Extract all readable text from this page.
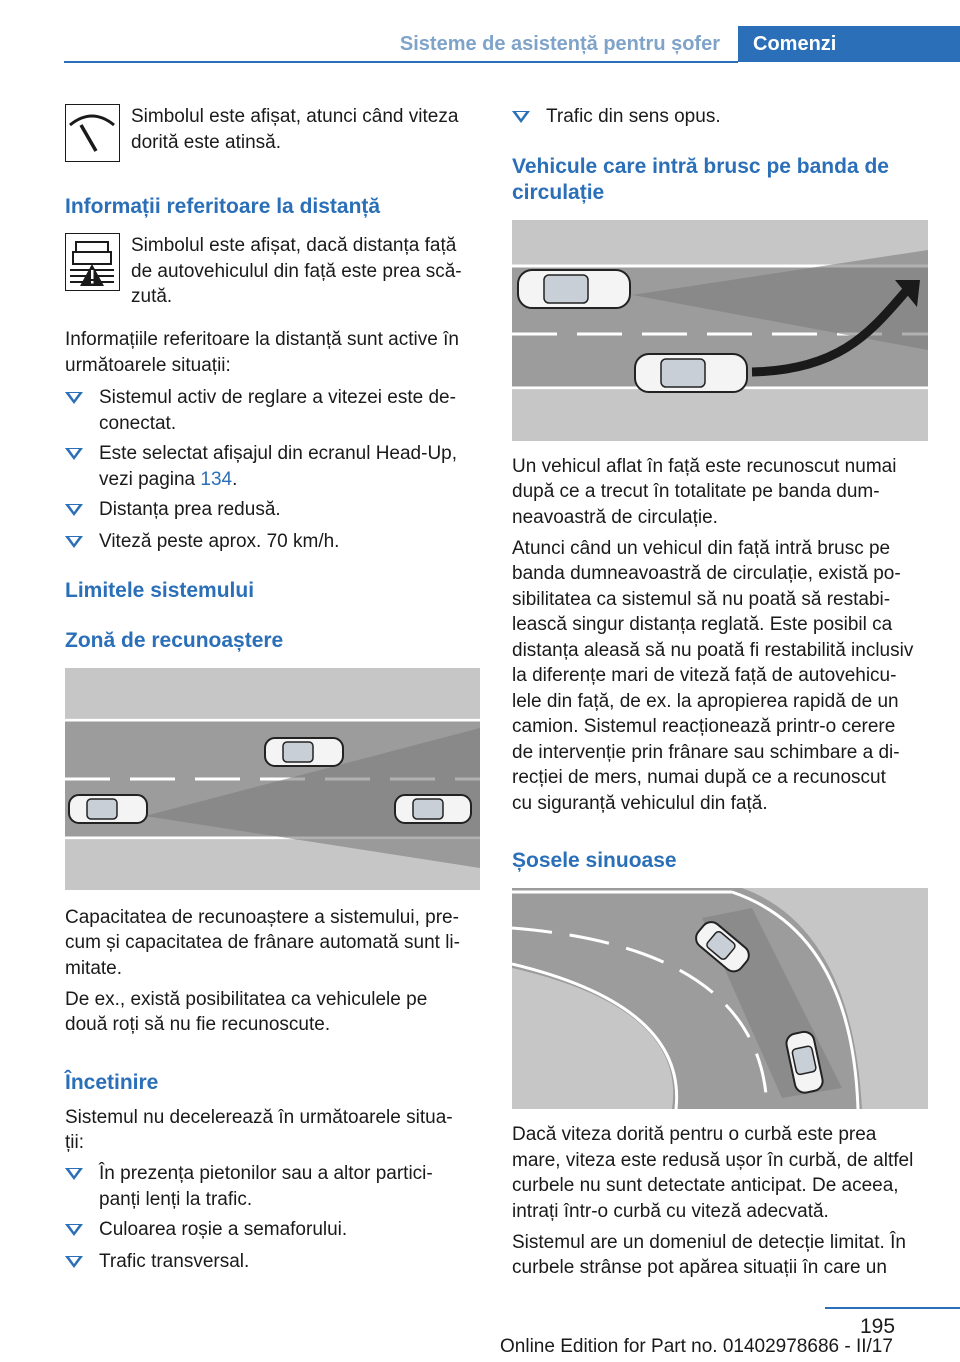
Sisteme de asistență pentru șofer	Comenzi
Simbolul este afișat, atunci când viteza
dorită este atinsă.
Informații referitoare la distanță
Simbolul este afișat, dacă distanța față
de autovehiculul din față este prea scă-
zută.
Informațiile referitoare la distanță sunt active în
următoarele situații:
Sistemul activ de reglare a vitezei este de-
conectat.
Este selectat afișajul din ecranul Head-Up,
vezi pagina 134.
Distanța prea redusă.
Viteză peste aprox. 70 km/h.
Limitele sistemului
Zonă de recunoaștere
Capacitatea de recunoaștere a sistemului, pre-
cum și capacitatea de frânare automată sunt li-
mitate.
De ex., există posibilitatea ca vehiculele pe
două roți să nu fie recunoscute.
Încetinire
Sistemul nu decelerează în următoarele situa-
ții:
În prezența pietonilor sau a altor partici-
panți lenți la trafic.
Culoarea roșie a semaforului.
Trafic transversal.
Trafic din sens opus.
Vehicule care intră brusc pe banda de
circulație
Un vehicul aflat în față este recunoscut numai
după ce a trecut în totalitate pe banda dum-
neavoastră de circulație.
Atunci când un vehicul din față intră brusc pe
banda dumneavoastră de circulație, există po-
sibilitatea ca sistemul să nu poată să restabi-
lească singur distanța reglată. Este posibil ca
distanța aleasă să nu poată fi restabilită inclusiv
la diferențe mari de viteză față de autovehicu-
lele din față, de ex. la apropierea rapidă de un
camion. Sistemul reacționează printr-o cerere
de intervenție prin frânare sau schimbare a di-
recției de mers, numai după ce a recunoscut
cu siguranță vehiculul din față.
Șosele sinuoase
Dacă viteza dorită pentru o curbă este prea
mare, viteza este redusă ușor în curbă, de altfel
curbele nu sunt detectate anticipat. De aceea,
intrați într-o curbă cu viteză adecvată.
Sistemul are un domeniul de detecție limitat. În
curbele strânse pot apărea situații în care un
195
Online Edition for Part no. 01402978686 - II/17
